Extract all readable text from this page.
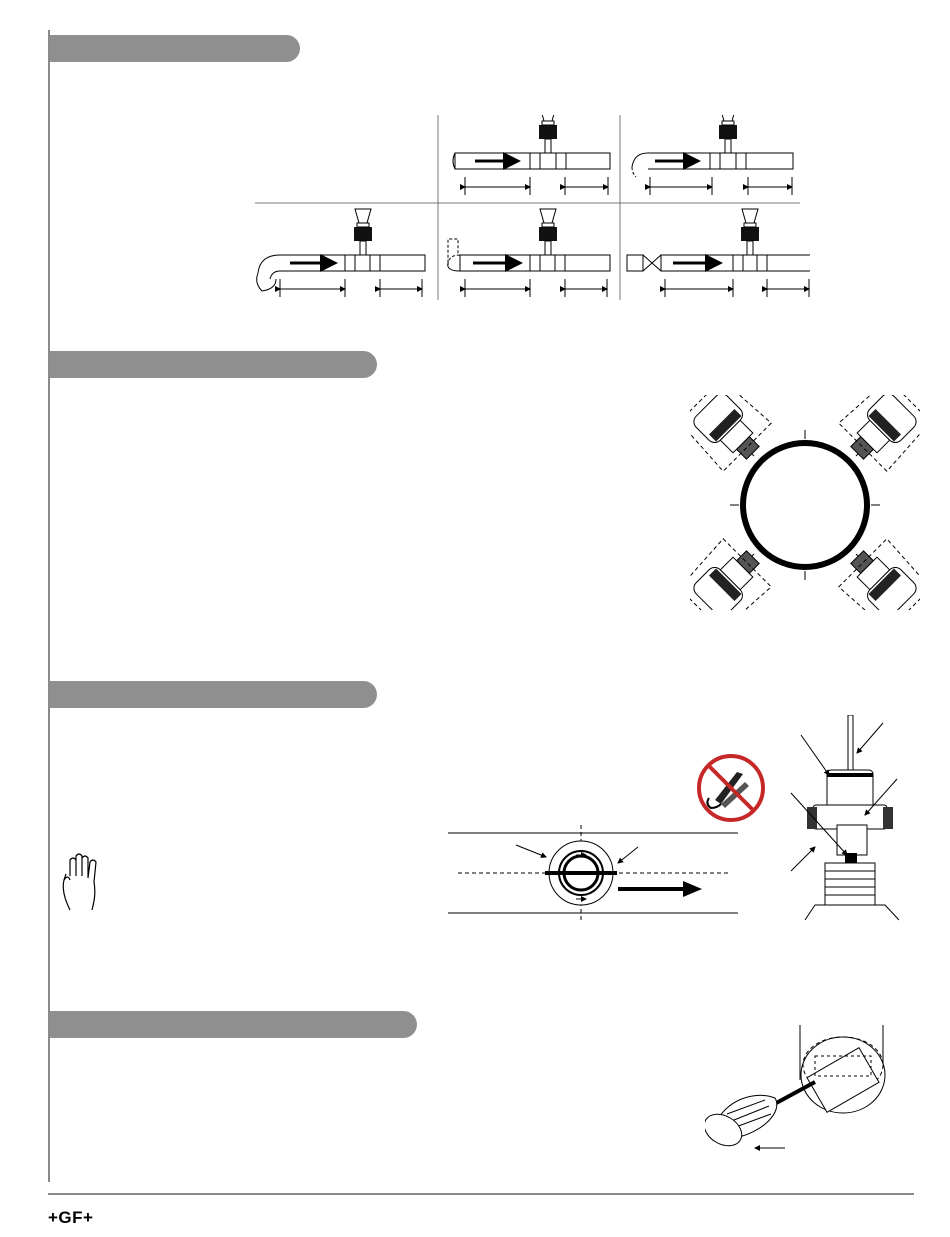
+GF+
